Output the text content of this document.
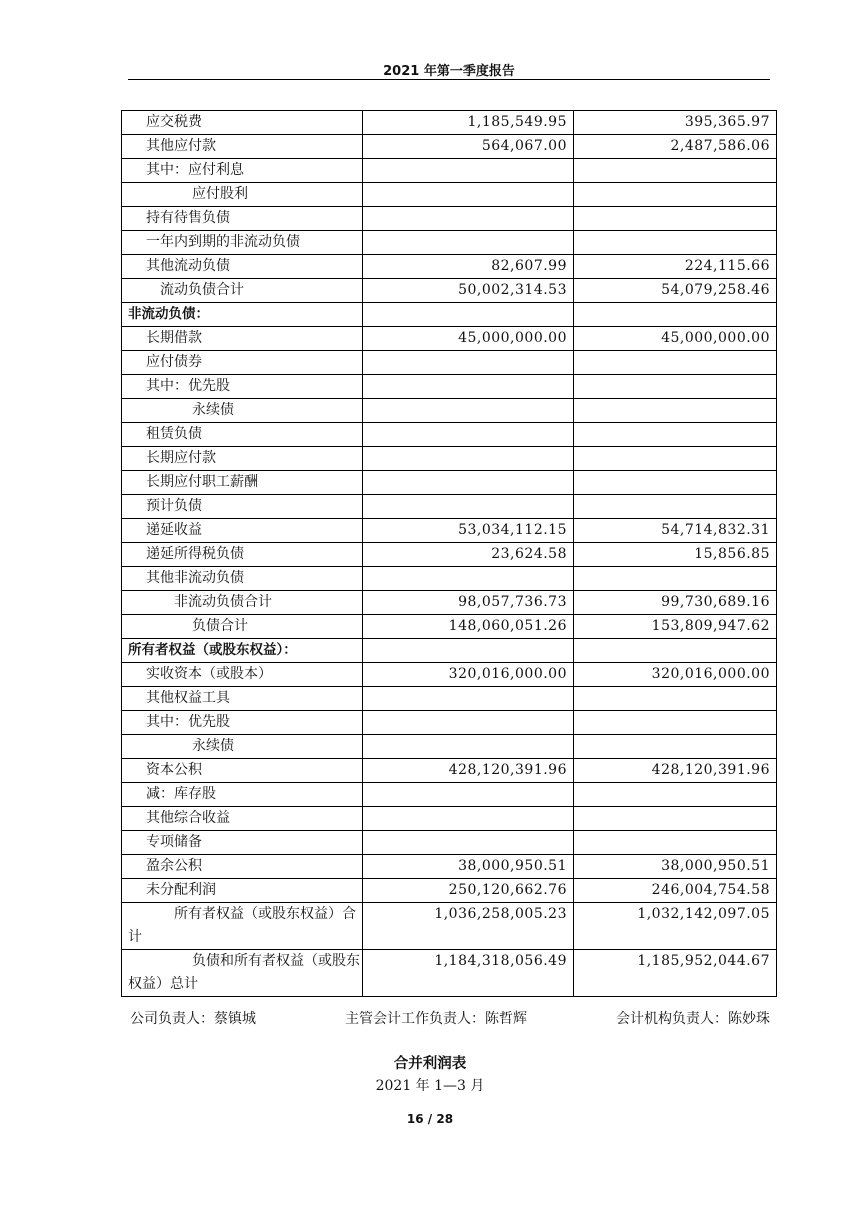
2021 年第一季度报告
应交税费	1,185,549.95	395,365.97
其他应付款	564,067.00	2,487,586.06
其中：应付利息		
应付股利		
持有待售负债		
一年内到期的非流动负债		
其他流动负债	82,607.99	224,115.66
流动负债合计	50,002,314.53	54,079,258.46
非流动负债：		
长期借款	45,000,000.00	45,000,000.00
应付债券		
其中：优先股		
永续债		
租赁负债		
长期应付款		
长期应付职工薪酬		
预计负债		
递延收益	53,034,112.15	54,714,832.31
递延所得税负债	23,624.58	15,856.85
其他非流动负债		
非流动负债合计	98,057,736.73	99,730,689.16
负债合计	148,060,051.26	153,809,947.62
所有者权益（或股东权益）：		
实收资本（或股本）	320,016,000.00	320,016,000.00
其他权益工具		
其中：优先股		
永续债		
资本公积	428,120,391.96	428,120,391.96
减：库存股		
其他综合收益		
专项储备		
盈余公积	38,000,950.51	38,000,950.51
未分配利润	250,120,662.76	246,004,754.58

所有者权益（或股东权益）合
计	1,036,258,005.23	1,032,142,097.05

负债和所有者权益（或股东
权益）总计	1,184,318,056.49	1,185,952,044.67
公司负责人：蔡镇城	主管会计工作负责人：陈哲辉	会计机构负责人：陈妙珠
合并利润表
2021 年 1—3 月
16 / 28
